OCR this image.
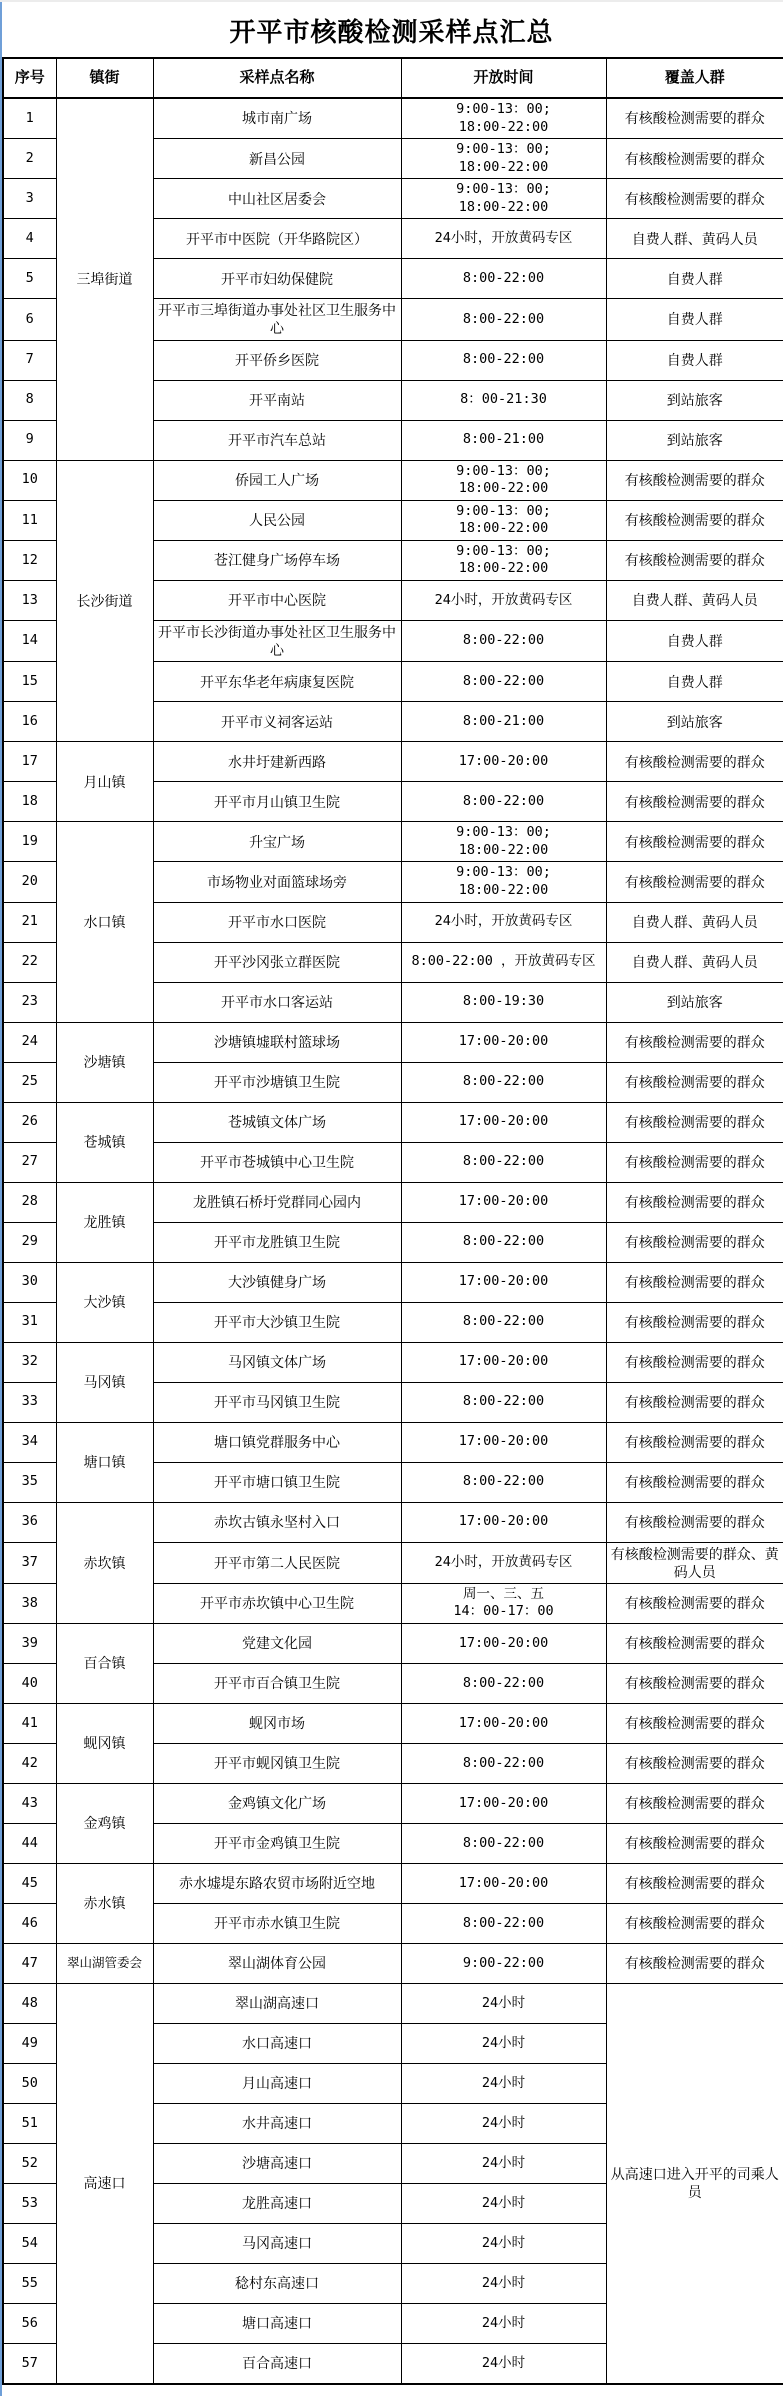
开平市核酸检测采样点汇总
序号	镇街	采样点名称	开放时间	覆盖人群
1	三埠街道	城市南广场	9:00-13：00;
18:00-22:00	有核酸检测需要的群众
2		新昌公园	9:00-13：00;
18:00-22:00	有核酸检测需要的群众
3		中山社区居委会	9:00-13：00;
18:00-22:00	有核酸检测需要的群众
4		开平市中医院（开华路院区）	24小时，开放黄码专区	自费人群、黄码人员
5		开平市妇幼保健院	8:00-22:00	自费人群
6		开平市三埠街道办事处社区卫生服务中心	8:00-22:00	自费人群
7		开平侨乡医院	8:00-22:00	自费人群
8		开平南站	8：00-21:30	到站旅客
9		开平市汽车总站	8:00-21:00	到站旅客
10	长沙街道	侨园工人广场	9:00-13：00;
18:00-22:00	有核酸检测需要的群众
11		人民公园	9:00-13：00;
18:00-22:00	有核酸检测需要的群众
12		苍江健身广场停车场	9:00-13：00;
18:00-22:00	有核酸检测需要的群众
13		开平市中心医院	24小时，开放黄码专区	自费人群、黄码人员
14		开平市长沙街道办事处社区卫生服务中心	8:00-22:00	自费人群
15		开平东华老年病康复医院	8:00-22:00	自费人群
16		开平市义祠客运站	8:00-21:00	到站旅客
17	月山镇	水井圩建新西路	17:00-20:00	有核酸检测需要的群众
18		开平市月山镇卫生院	8:00-22:00	有核酸检测需要的群众
19	水口镇	升宝广场	9:00-13：00;
18:00-22:00	有核酸检测需要的群众
20		市场物业对面篮球场旁	9:00-13：00;
18:00-22:00	有核酸检测需要的群众
21		开平市水口医院	24小时，开放黄码专区	自费人群、黄码人员
22		开平沙冈张立群医院	8:00-22:00 ，开放黄码专区	自费人群、黄码人员
23		开平市水口客运站	8:00-19:30	到站旅客
24	沙塘镇	沙塘镇墟联村篮球场	17:00-20:00	有核酸检测需要的群众
25		开平市沙塘镇卫生院	8:00-22:00	有核酸检测需要的群众
26	苍城镇	苍城镇文体广场	17:00-20:00	有核酸检测需要的群众
27		开平市苍城镇中心卫生院	8:00-22:00	有核酸检测需要的群众
28	龙胜镇	龙胜镇石桥圩党群同心园内	17:00-20:00	有核酸检测需要的群众
29		开平市龙胜镇卫生院	8:00-22:00	有核酸检测需要的群众
30	大沙镇	大沙镇健身广场	17:00-20:00	有核酸检测需要的群众
31		开平市大沙镇卫生院	8:00-22:00	有核酸检测需要的群众
32	马冈镇	马冈镇文体广场	17:00-20:00	有核酸检测需要的群众
33		开平市马冈镇卫生院	8:00-22:00	有核酸检测需要的群众
34	塘口镇	塘口镇党群服务中心	17:00-20:00	有核酸检测需要的群众
35		开平市塘口镇卫生院	8:00-22:00	有核酸检测需要的群众
36	赤坎镇	赤坎古镇永坚村入口	17:00-20:00	有核酸检测需要的群众
37		开平市第二人民医院	24小时，开放黄码专区	有核酸检测需要的群众、黄码人员
38		开平市赤坎镇中心卫生院	周一、三、五
14：00-17：00	有核酸检测需要的群众
39	百合镇	党建文化园	17:00-20:00	有核酸检测需要的群众
40		开平市百合镇卫生院	8:00-22:00	有核酸检测需要的群众
41	蚬冈镇	蚬冈市场	17:00-20:00	有核酸检测需要的群众
42		开平市蚬冈镇卫生院	8:00-22:00	有核酸检测需要的群众
43	金鸡镇	金鸡镇文化广场	17:00-20:00	有核酸检测需要的群众
44		开平市金鸡镇卫生院	8:00-22:00	有核酸检测需要的群众
45	赤水镇	赤水墟堤东路农贸市场附近空地	17:00-20:00	有核酸检测需要的群众
46		开平市赤水镇卫生院	8:00-22:00	有核酸检测需要的群众
47	翠山湖管委会	翠山湖体育公园	9:00-22:00	有核酸检测需要的群众
48	高速口	翠山湖高速口	24小时	从高速口进入开平的司乘人员
49		水口高速口	24小时	

50		月山高速口	24小时	

51		水井高速口	24小时	

52		沙塘高速口	24小时	

53		龙胜高速口	24小时	

54		马冈高速口	24小时	

55		稔村东高速口	24小时	

56		塘口高速口	24小时	

57		百合高速口	24小时	
